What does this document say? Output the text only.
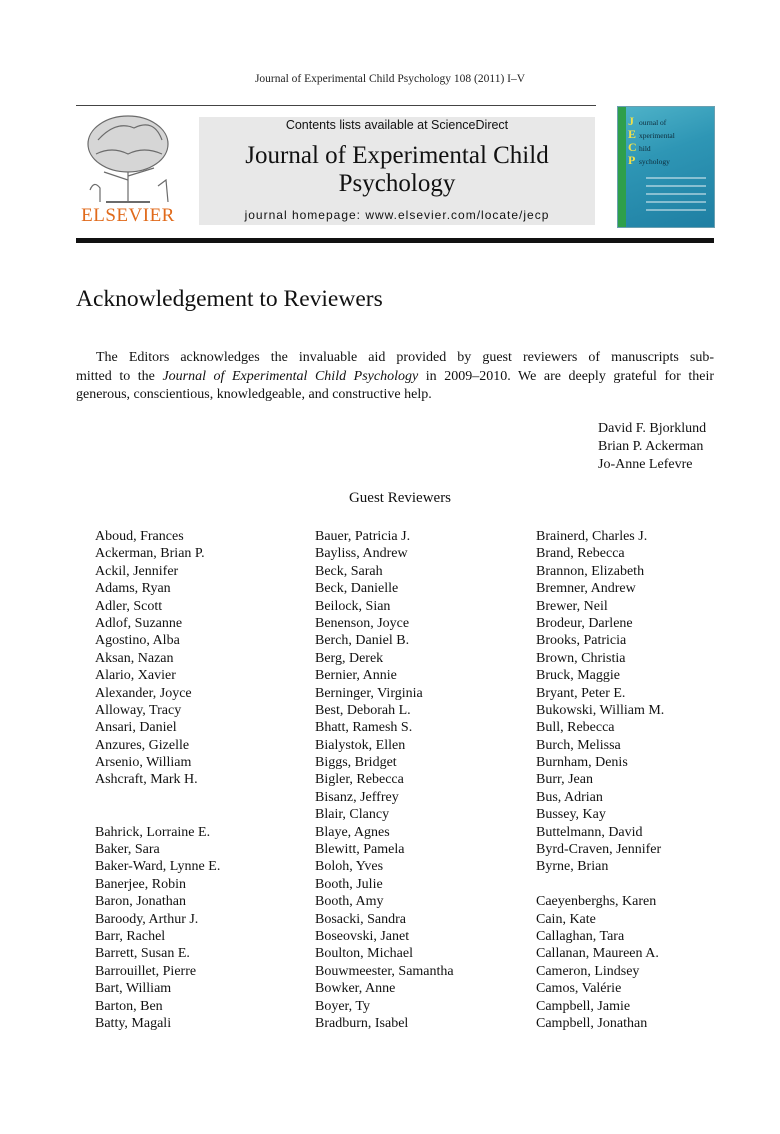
Journal of Experimental Child Psychology 108 (2011) I–V
ELSEVIER
Contents lists available at ScienceDirect
Journal of Experimental Child
Psychology
journal homepage: www.elsevier.com/locate/jecp
J
E
C
P
ournal of
xperimental
hild
sychology
Acknowledgement to Reviewers
The Editors acknowledges the invaluable aid provided by guest reviewers of manuscripts sub-
mitted to the Journal of Experimental Child Psychology in 2009–2010. We are deeply grateful for their
generous, conscientious, knowledgeable, and constructive help.
David F. Bjorklund
Brian P. Ackerman
Jo-Anne Lefevre
Guest Reviewers
Aboud, Frances
Ackerman, Brian P.
Ackil, Jennifer
Adams, Ryan
Adler, Scott
Adlof, Suzanne
Agostino, Alba
Aksan, Nazan
Alario, Xavier
Alexander, Joyce
Alloway, Tracy
Ansari, Daniel
Anzures, Gizelle
Arsenio, William
Ashcraft, Mark H.
Bahrick, Lorraine E.
Baker, Sara
Baker-Ward, Lynne E.
Banerjee, Robin
Baron, Jonathan
Baroody, Arthur J.
Barr, Rachel
Barrett, Susan E.
Barrouillet, Pierre
Bart, William
Barton, Ben
Batty, Magali
Bauer, Patricia J.
Bayliss, Andrew
Beck, Sarah
Beck, Danielle
Beilock, Sian
Benenson, Joyce
Berch, Daniel B.
Berg, Derek
Bernier, Annie
Berninger, Virginia
Best, Deborah L.
Bhatt, Ramesh S.
Bialystok, Ellen
Biggs, Bridget
Bigler, Rebecca
Bisanz, Jeffrey
Blair, Clancy
Blaye, Agnes
Blewitt, Pamela
Boloh, Yves
Booth, Julie
Booth, Amy
Bosacki, Sandra
Boseovski, Janet
Boulton, Michael
Bouwmeester, Samantha
Bowker, Anne
Boyer, Ty
Bradburn, Isabel
Brainerd, Charles J.
Brand, Rebecca
Brannon, Elizabeth
Bremner, Andrew
Brewer, Neil
Brodeur, Darlene
Brooks, Patricia
Brown, Christia
Bruck, Maggie
Bryant, Peter E.
Bukowski, William M.
Bull, Rebecca
Burch, Melissa
Burnham, Denis
Burr, Jean
Bus, Adrian
Bussey, Kay
Buttelmann, David
Byrd-Craven, Jennifer
Byrne, Brian
Caeyenberghs, Karen
Cain, Kate
Callaghan, Tara
Callanan, Maureen A.
Cameron, Lindsey
Camos, Valérie
Campbell, Jamie
Campbell, Jonathan
